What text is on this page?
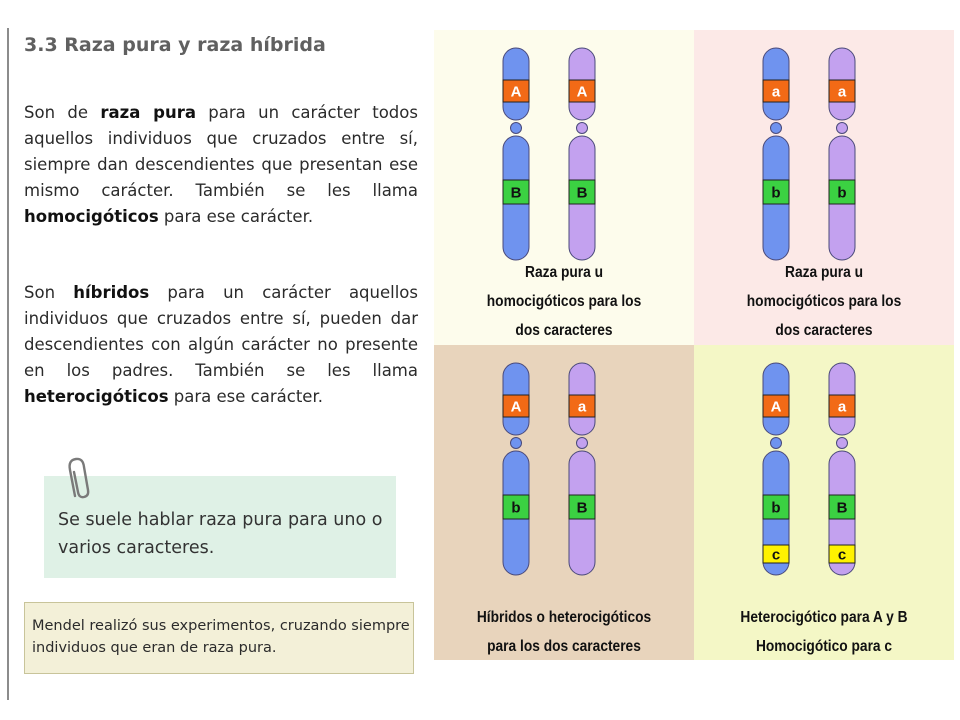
3.3 Raza pura y raza híbrida

Son de raza pura para un carácter todos aquellos individuos que cruzados entre sí, siempre dan descendientes que presentan ese mismo carácter. También se les llama homocigóticos para ese carácter.

Son híbridos para un carácter aquellos individuos que cruzados entre sí, pueden dar descendientes con algún carácter no presente en los padres. También se les llama heterocigóticos para ese carácter.

Se suele hablar raza pura para uno o
varios caracteres.
Mendel realizó sus experimentos, cruzando siempre
individuos que eran de raza pura.
A
B
A
B
Raza pura u
homocigóticos para los
dos caracteres
a
b
a
b
Raza pura u
homocigóticos para los
dos caracteres
A
b
a
B
Híbridos o heterocigóticos
para los dos caracteres
A
b
c
a
B
c
Heterocigótico para A y B
Homocigótico para c
